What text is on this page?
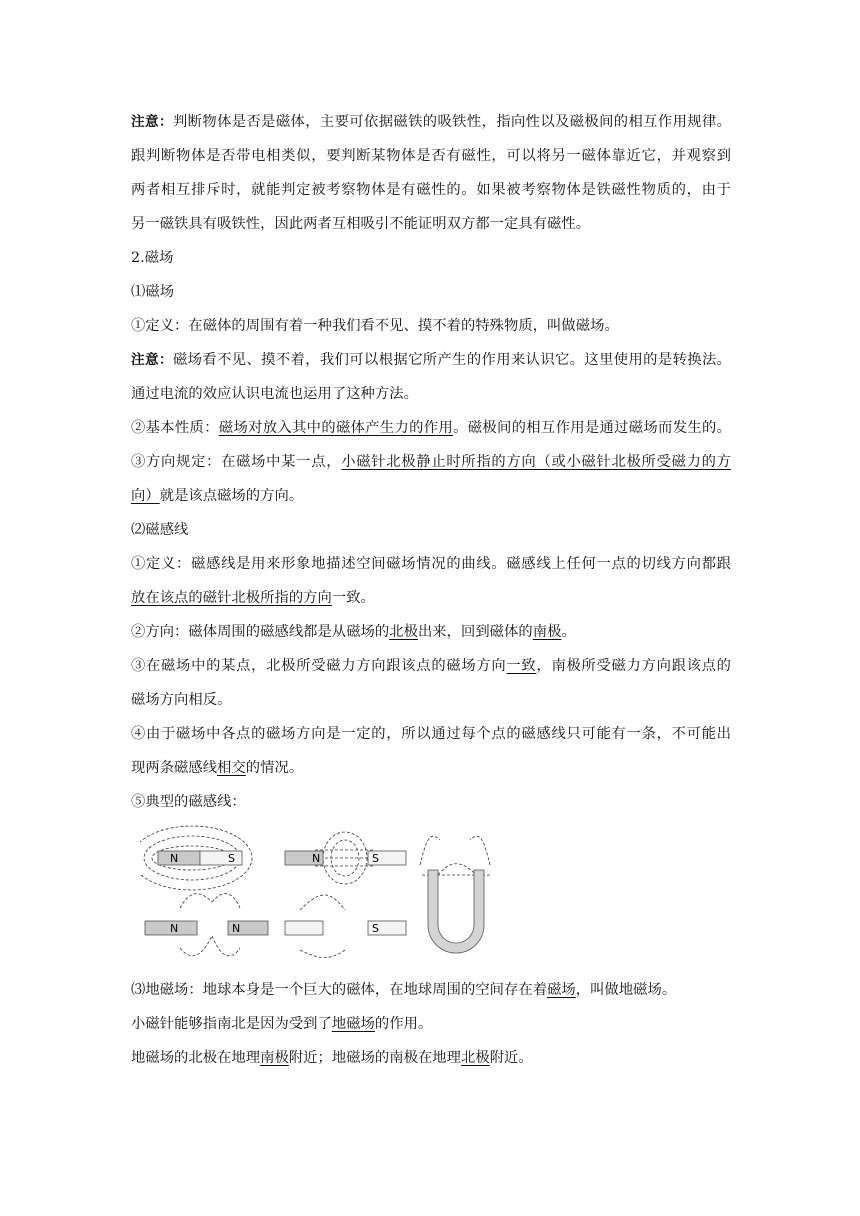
注意：判断物体是否是磁体，主要可依据磁铁的吸铁性，指向性以及磁极间的相互作用规律。
跟判断物体是否带电相类似，要判断某物体是否有磁性，可以将另一磁体靠近它，并观察到
两者相互排斥时，就能判定被考察物体是有磁性的。如果被考察物体是铁磁性物质的，由于
另一磁铁具有吸铁性，因此两者互相吸引不能证明双方都一定具有磁性。
2.磁场
⑴磁场
①定义：在磁体的周围有着一种我们看不见、摸不着的特殊物质，叫做磁场。
注意：磁场看不见、摸不着，我们可以根据它所产生的作用来认识它。这里使用的是转换法。
通过电流的效应认识电流也运用了这种方法。
②基本性质：磁场对放入其中的磁体产生力的作用。磁极间的相互作用是通过磁场而发生的。
③方向规定：在磁场中某一点，小磁针北极静止时所指的方向（或小磁针北极所受磁力的方
向）就是该点磁场的方向。
⑵磁感线
①定义：磁感线是用来形象地描述空间磁场情况的曲线。磁感线上任何一点的切线方向都跟
放在该点的磁针北极所指的方向一致。
②方向：磁体周围的磁感线都是从磁场的北极出来，回到磁体的南极。
③在磁场中的某点，北极所受磁力方向跟该点的磁场方向一致，南极所受磁力方向跟该点的
磁场方向相反。
④由于磁场中各点的磁场方向是一定的，所以通过每个点的磁感线只可能有一条，不可能出
现两条磁感线相交的情况。
⑤典型的磁感线：
N	S	N	S
N	N	S
⑶地磁场：地球本身是一个巨大的磁体，在地球周围的空间存在着磁场，叫做地磁场。
小磁针能够指南北是因为受到了地磁场的作用。
地磁场的北极在地理南极附近；地磁场的南极在地理北极附近。
